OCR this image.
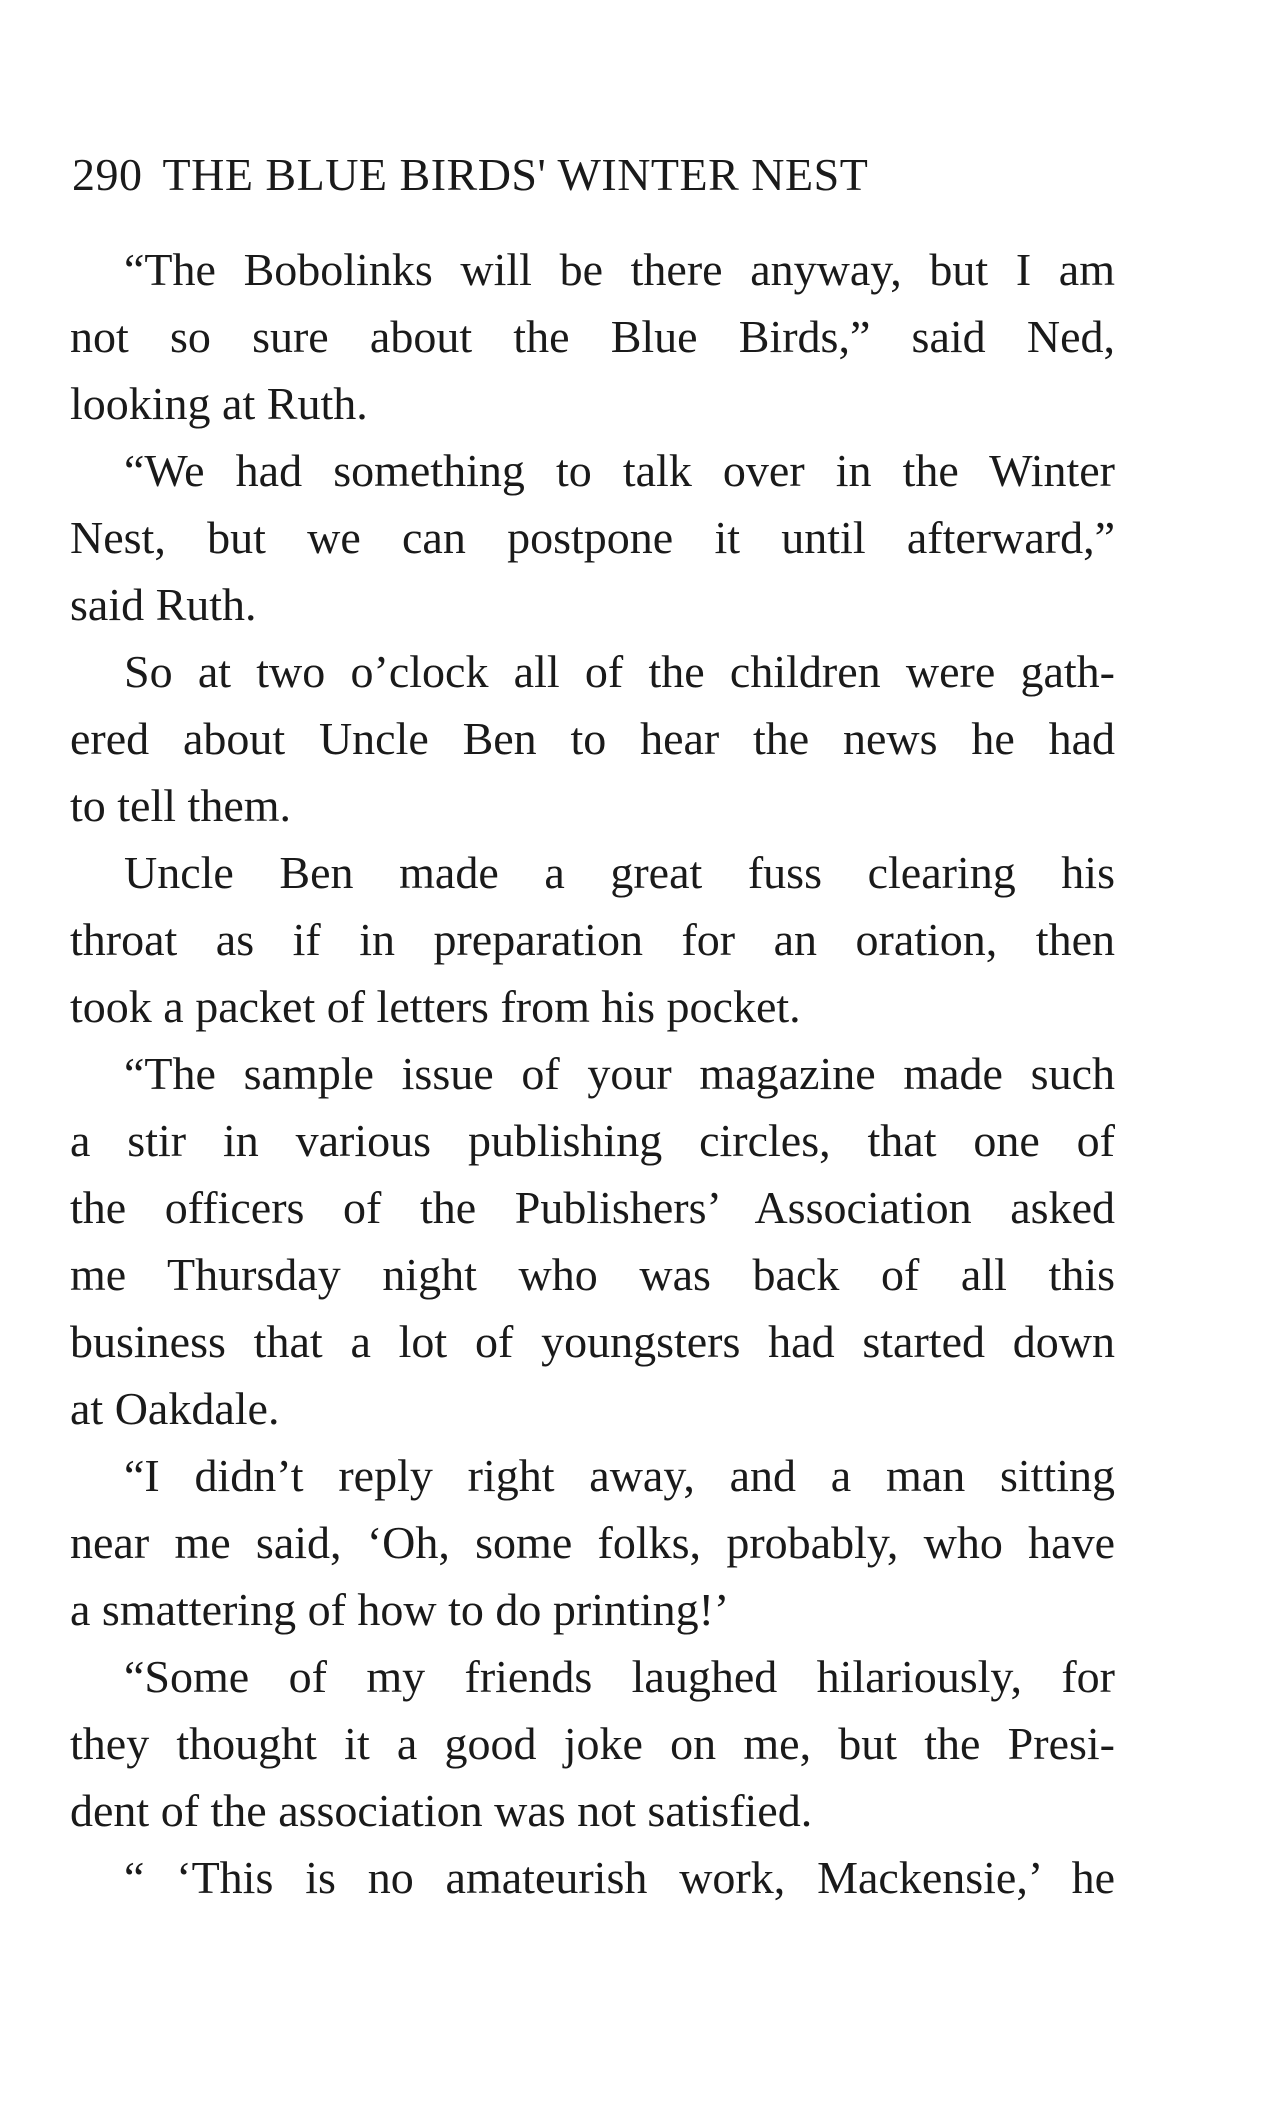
290 THE BLUE BIRDS' WINTER NEST
“The Bobolinks will be there anyway, but I am
not so sure about the Blue Birds,” said Ned,
looking at Ruth.
“We had something to talk over in the Winter
Nest, but we can postpone it until afterward,”
said Ruth.
So at two o’clock all of the children were gath-
ered about Uncle Ben to hear the news he had
to tell them.
Uncle Ben made a great fuss clearing his
throat as if in preparation for an oration, then
took a packet of letters from his pocket.
“The sample issue of your magazine made such
a stir in various publishing circles, that one of
the officers of the Publishers’ Association asked
me Thursday night who was back of all this
business that a lot of youngsters had started down
at Oakdale.
“I didn’t reply right away, and a man sitting
near me said, ‘Oh, some folks, probably, who have
a smattering of how to do printing!’
“Some of my friends laughed hilariously, for
they thought it a good joke on me, but the Presi-
dent of the association was not satisfied.
“ ‘This is no amateurish work, Mackensie,’ he
